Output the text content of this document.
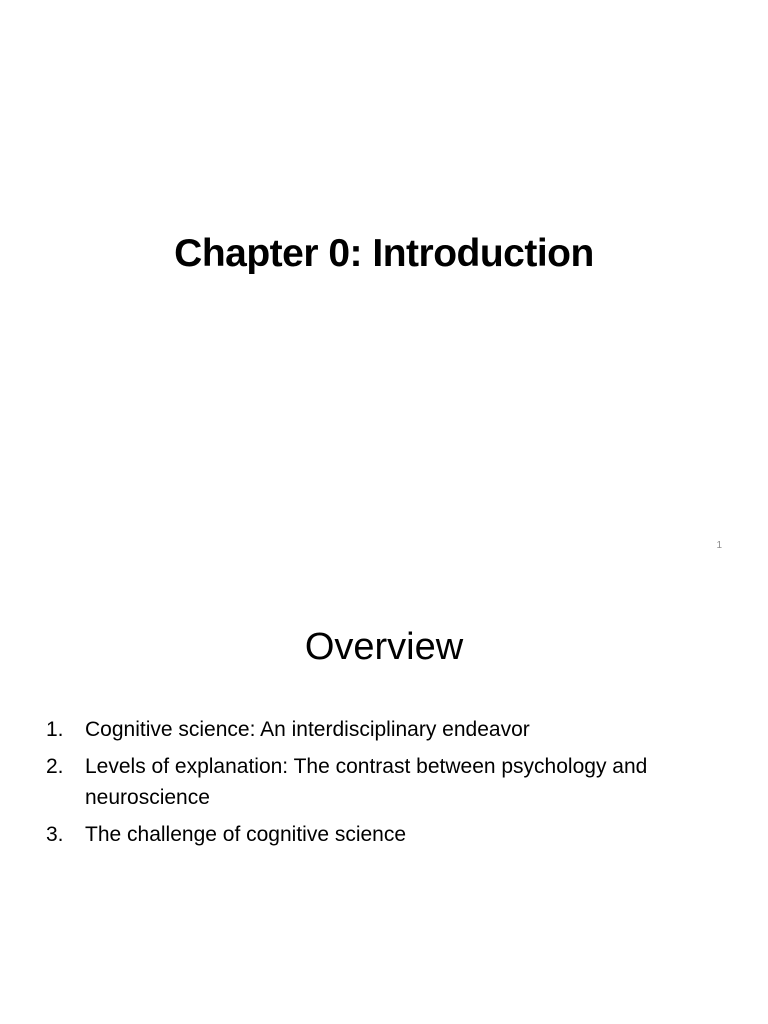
Chapter 0: Introduction
1
Overview
1. Cognitive science: An interdisciplinary endeavor
2. Levels of explanation: The contrast between psychology and neuroscience
3. The challenge of cognitive science
